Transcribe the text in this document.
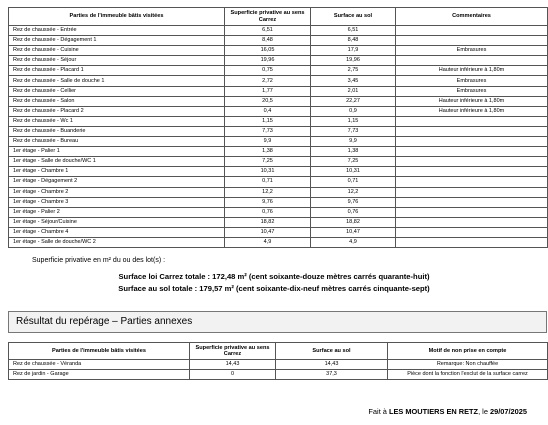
Parties de l'immeuble bâtis visitées	Superficie privative au sens Carrez	Surface au sol	Commentaires
Rez de chaussée - Entrée	6,51	6,51	
Rez de chaussée - Dégagement 1	8,48	8,48	
Rez de chaussée - Cuisine	16,05	17,9	Embrasures
Rez de chaussée - Séjour	19,96	19,96	
Rez de chaussée - Placard 1	0,75	2,75	Hauteur inférieure à 1,80m
Rez de chaussée - Salle de douche 1	2,72	3,45	Embrasures
Rez de chaussée - Cellier	1,77	2,01	Embrasures
Rez de chaussée - Salon	20,5	22,27	Hauteur inférieure à 1,80m
Rez de chaussée - Placard 2	0,4	0,9	Hauteur inférieure à 1,80m
Rez de chaussée - Wc 1	1,15	1,15	
Rez de chaussée - Buanderie	7,73	7,73	
Rez de chaussée - Bureau	9,9	9,9	
1er étage - Palier 1	1,38	1,38	
1er étage - Salle de douche/WC 1	7,25	7,25	
1er étage - Chambre 1	10,31	10,31	
1er étage - Dégagement 2	0,71	0,71	
1er étage - Chambre 2	12,2	12,2	
1er étage - Chambre 3	9,76	9,76	
1er étage - Palier 2	0,76	0,76	
1er étage - Séjour/Cuisine	18,82	18,82	
1er étage - Chambre 4	10,47	10,47	
1er étage - Salle de douche/WC 2	4,9	4,9	
Superficie privative en m² du ou des lot(s) :
Surface loi Carrez totale : 172,48 m² (cent soixante-douze mètres carrés quarante-huit)
Surface au sol totale : 179,57 m² (cent soixante-dix-neuf mètres carrés cinquante-sept)
Résultat du repérage – Parties annexes
Parties de l'immeuble bâtis visitées	Superficie privative au sens Carrez	Surface au sol	Motif de non prise en compte
Rez de chaussée - Véranda	14,43	14,43	Remarque: Non chauffée
Rez de jardin - Garage	0	37,3	Pièce dont la fonction l'exclut de la surface carrez
Fait à LES MOUTIERS EN RETZ, le 29/07/2025
